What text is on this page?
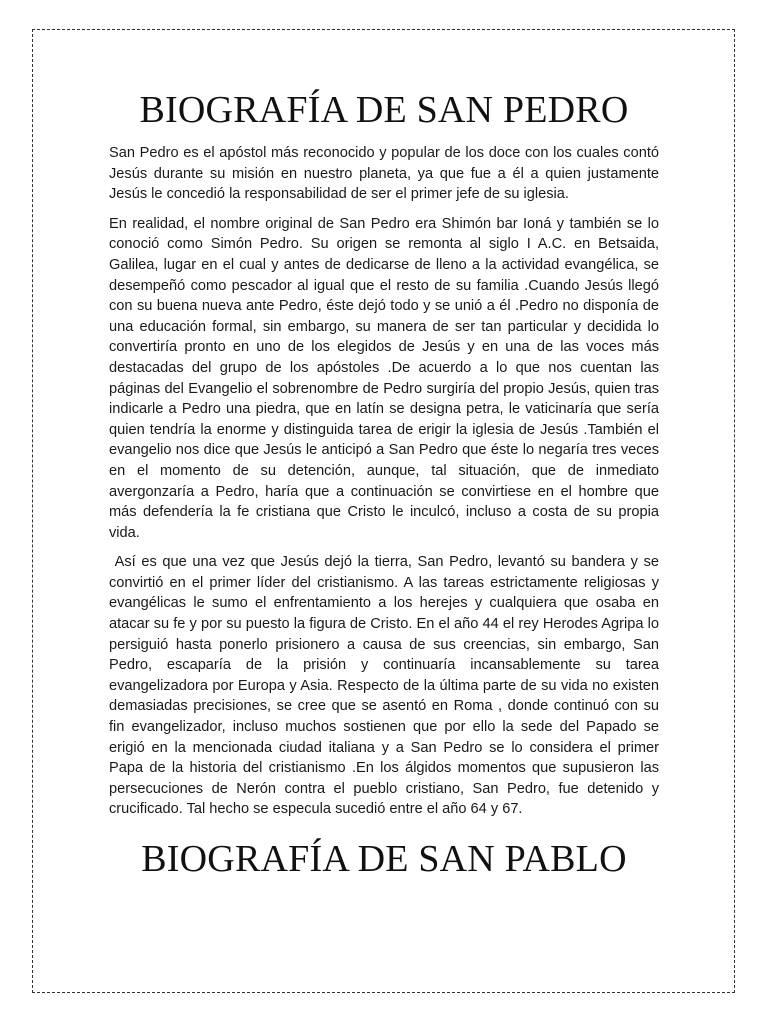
BIOGRAFÍA DE SAN PEDRO

San Pedro es el apóstol más reconocido y popular de los doce con los cuales contó Jesús durante su misión en nuestro planeta, ya que fue a él a quien justamente Jesús le concedió la responsabilidad de ser el primer jefe de su iglesia.

En realidad, el nombre original de San Pedro era Shimón bar Ioná y también se lo conoció como Simón Pedro. Su origen se remonta al siglo I A.C. en Betsaida, Galilea, lugar en el cual y antes de dedicarse de lleno a la actividad evangélica, se desempeñó como pescador al igual que el resto de su familia .Cuando Jesús llegó con su buena nueva ante Pedro, éste dejó todo y se unió a él .Pedro no disponía de una educación formal, sin embargo, su manera de ser tan particular y decidida lo convertiría pronto en uno de los elegidos de Jesús y en una de las voces más destacadas del grupo de los apóstoles .De acuerdo a lo que nos cuentan las páginas del Evangelio el sobrenombre de Pedro surgiría del propio Jesús, quien tras indicarle a Pedro una piedra, que en latín se designa petra, le vaticinaría que sería quien tendría la enorme y distinguida tarea de erigir la iglesia de Jesús .También el evangelio nos dice que Jesús le anticipó a San Pedro que éste lo negaría tres veces en el momento de su detención, aunque, tal situación, que de inmediato avergonzaría a Pedro, haría que a continuación se convirtiese en el hombre que más defendería la fe cristiana que Cristo le inculcó, incluso a costa de su propia vida.

Así es que una vez que Jesús dejó la tierra, San Pedro, levantó su bandera y se convirtió en el primer líder del cristianismo. A las tareas estrictamente religiosas y evangélicas le sumo el enfrentamiento a los herejes y cualquiera que osaba en atacar su fe y por su puesto la figura de Cristo. En el año 44 el rey Herodes Agripa lo persiguió hasta ponerlo prisionero a causa de sus creencias, sin embargo, San Pedro, escaparía de la prisión y continuaría incansablemente su tarea evangelizadora por Europa y Asia. Respecto de la última parte de su vida no existen demasiadas precisiones, se cree que se asentó en Roma , donde continuó con su fin evangelizador, incluso muchos sostienen que por ello la sede del Papado se erigió en la mencionada ciudad italiana y a San Pedro se lo considera el primer Papa de la historia del cristianismo .En los álgidos momentos que supusieron las persecuciones de Nerón contra el pueblo cristiano, San Pedro, fue detenido y crucificado. Tal hecho se especula sucedió entre el año 64 y 67.

BIOGRAFÍA DE SAN PABLO
